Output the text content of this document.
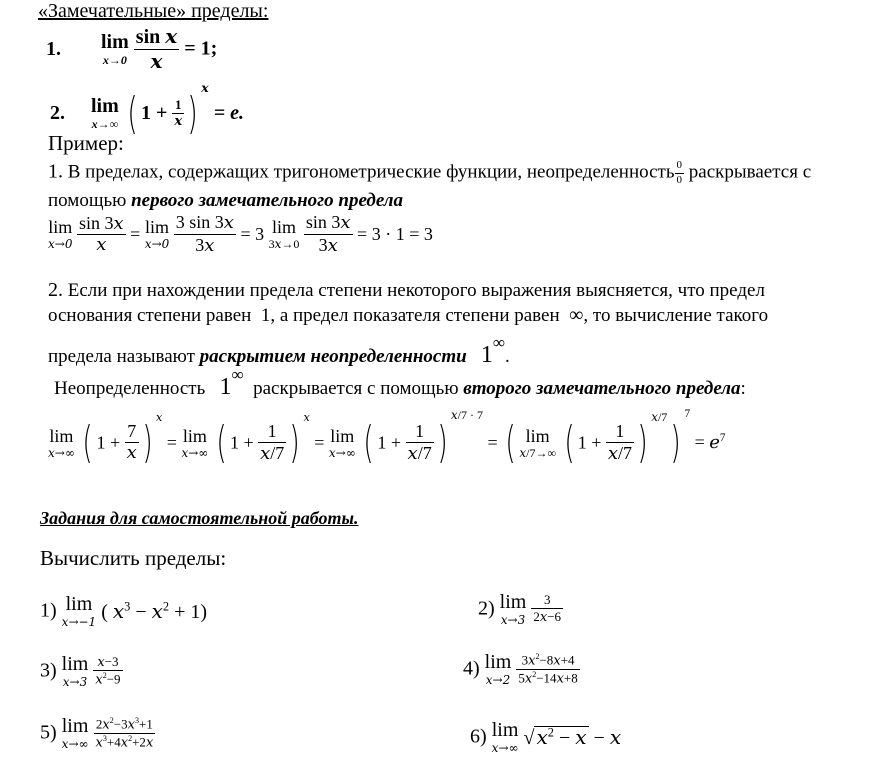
«Замечательные» пределы:
1. lim
x→0
$\frac{\text{sin x}}{x} = 1$;
2. lim
x→∞ ( $1 + \frac{1}{x} )^x = e$.
Пример:
1. В пределах, содержащих тригонометрические функции, неопределенность $\frac{0}{0}$ раскрывается с
помощью первого замечательного предела
lim
x→0
$\frac{\sin 3x}{x} = \lim$
x→0
$\frac{3 \sin 3x}{3x} = 3$ lim
3x→0
$\frac{\sin 3x}{3x} = 3 \cdot 1 = 3$
2. Если при нахождении предела степени некоторого выражения выясняется, что предел
основания степени равен 1, а предел показателя степени равен ∞, то вычисление такого
предела называют раскрытием неопределенности 1∞.
Неопределенность 1∞  раскрывается с помощью второго замечательного предела:
lim
x→∞ ( $1 + \frac{7}{x}$ ) $^x$ = lim
x→∞ ( $1 + \frac{1}{x/7}$ ) $^x$ = lim
x→∞ ( $1 + \frac{1}{x/7} )^{x/7 \cdot 7}$ = ( lim
x/7→∞ ( $1 + \frac{1}{x/7} )^{x/7})^7 = e^7$
Задания для самостоятельной работы.
Вычислить пределы:
1) lim
x→−1 ( $x^3 - x^2 + 1$)	2) lim
x→3
$\frac{3}{2x-6}$
3) lim
x→3
$\frac{x-3}{x^2-9}$	4) lim
x→2
$\frac{3x^2-8x+4}{5x^2-14x+8}$
5) lim
x→∞
$\frac{2x^2-3x^3+1}{x^3+4x^2+2x}$	6) lim
x→∞ √ $x^2 - x - x$
